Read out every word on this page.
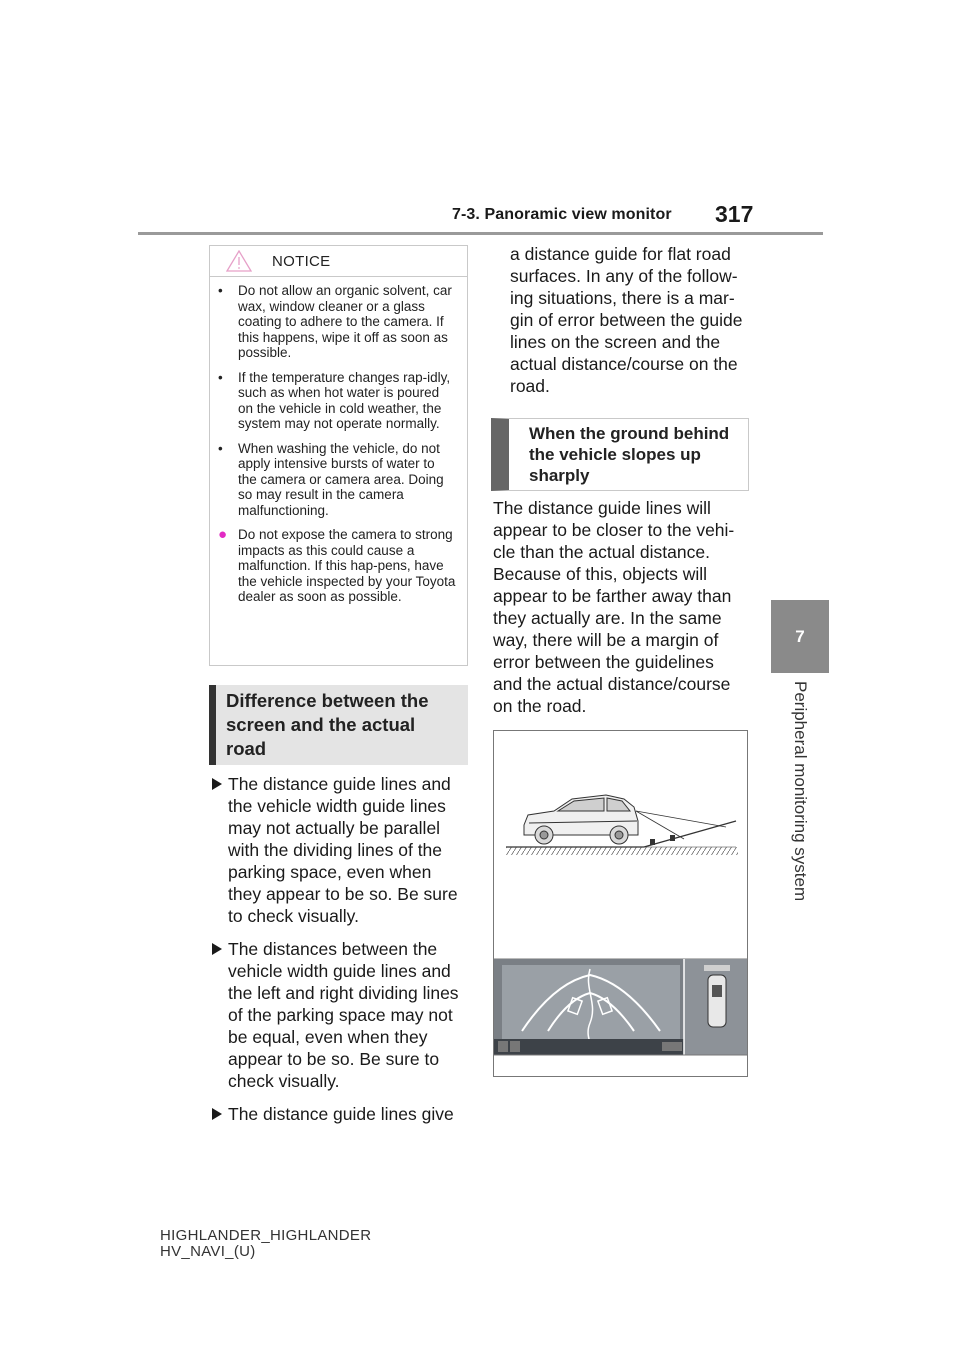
7-3. Panoramic view monitor 317
7
Peripheral monitoring system
NOTICE
•	Do not allow an organic solvent, car wax, window cleaner or a glass coating to adhere to the camera. If this happens, wipe it off as soon as possible.
•	If the temperature changes rap-idly, such as when hot water is poured on the vehicle in cold weather, the system may not operate normally.
•	When washing the vehicle, do not apply intensive bursts of water to the camera or camera area. Doing so may result in the camera malfunctioning.
● Do not expose the camera to strong impacts as this could cause a malfunction. If this hap-pens, have the vehicle inspected by your Toyota dealer as soon as possible.
Difference between the screen and the actual road
The distance guide lines and the vehicle width guide lines may not actually be parallel with the dividing lines of the parking space, even when they appear to be so. Be sure to check visually.
The distances between the vehicle width guide lines and the left and right dividing lines of the parking space may not be equal, even when they appear to be so. Be sure to check visually.
The distance guide lines give
a distance guide for flat road surfaces. In any of the follow-ing situations, there is a mar-gin of error between the guide lines on the screen and the actual distance/course on the road.
When the ground behind the vehicle slopes up sharply
The distance guide lines will appear to be closer to the vehi-cle than the actual distance. Because of this, objects will appear to be farther away than they actually are. In the same way, there will be a margin of error between the guidelines and the actual distance/course on the road.
HIGHLANDER_HIGHLANDER
HV_NAVI_(U)
